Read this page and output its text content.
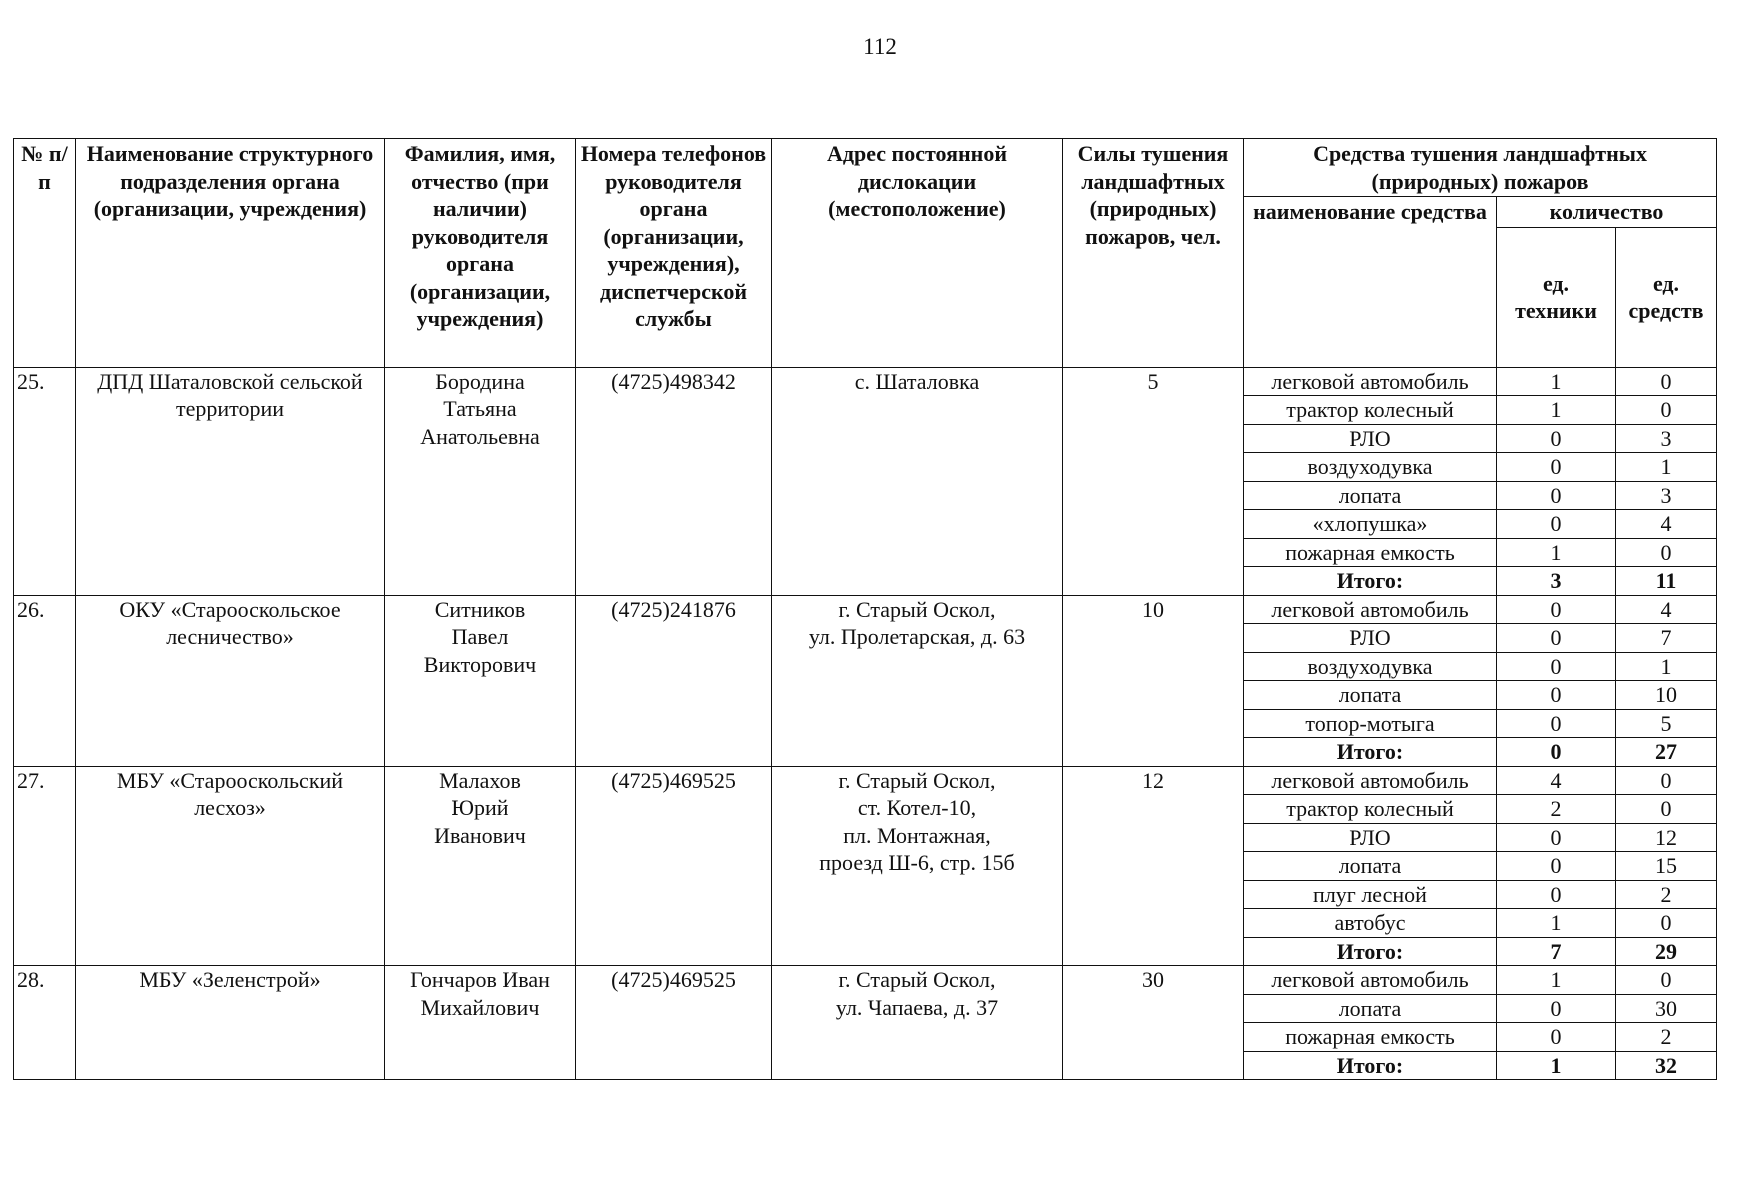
112
№ п/п	Наименование структурного подразделения органа (организации, учреждения)	Фамилия, имя, отчество (при наличии) руководителя органа (организации, учреждения)	Номера телефонов руководителя органа (организации, учреждения), диспетчерской службы	Адрес постоянной дислокации (местоположение)	Силы тушения ландшафтных (природных) пожаров, чел.	Средства тушения ландшафтных (природных) пожаров		
						наименование средства	количество	
							ед. техники	ед. средств
25.	ДПД Шаталовской сельской территории	Бородина
Татьяна
Анатольевна	(4725)498342	с. Шаталовка	5	легковой автомобиль	1	0
						трактор колесный	1	0
						РЛО	0	3
						воздуходувка	0	1
						лопата	0	3
						«хлопушка»	0	4
						пожарная емкость	1	0
						Итого:	3	11
26.	ОКУ «Старооскольское лесничество»	Ситников
Павел
Викторович	(4725)241876	г. Старый Оскол,
ул. Пролетарская, д. 63	10	легковой автомобиль	0	4
						РЛО	0	7
						воздуходувка	0	1
						лопата	0	10
						топор-мотыга	0	5
						Итого:	0	27
27.	МБУ «Старооскольский лесхоз»	Малахов
Юрий
Иванович	(4725)469525	г. Старый Оскол,
ст. Котел-10,
пл. Монтажная,
проезд Ш-6, стр. 15б	12	легковой автомобиль	4	0
						трактор колесный	2	0
						РЛО	0	12
						лопата	0	15
						плуг лесной	0	2
						автобус	1	0
						Итого:	7	29
28.	МБУ «Зеленстрой»	Гончаров Иван
Михайлович	(4725)469525	г. Старый Оскол,
ул. Чапаева, д. 37	30	легковой автомобиль	1	0
						лопата	0	30
						пожарная емкость	0	2
						Итого:	1	32
